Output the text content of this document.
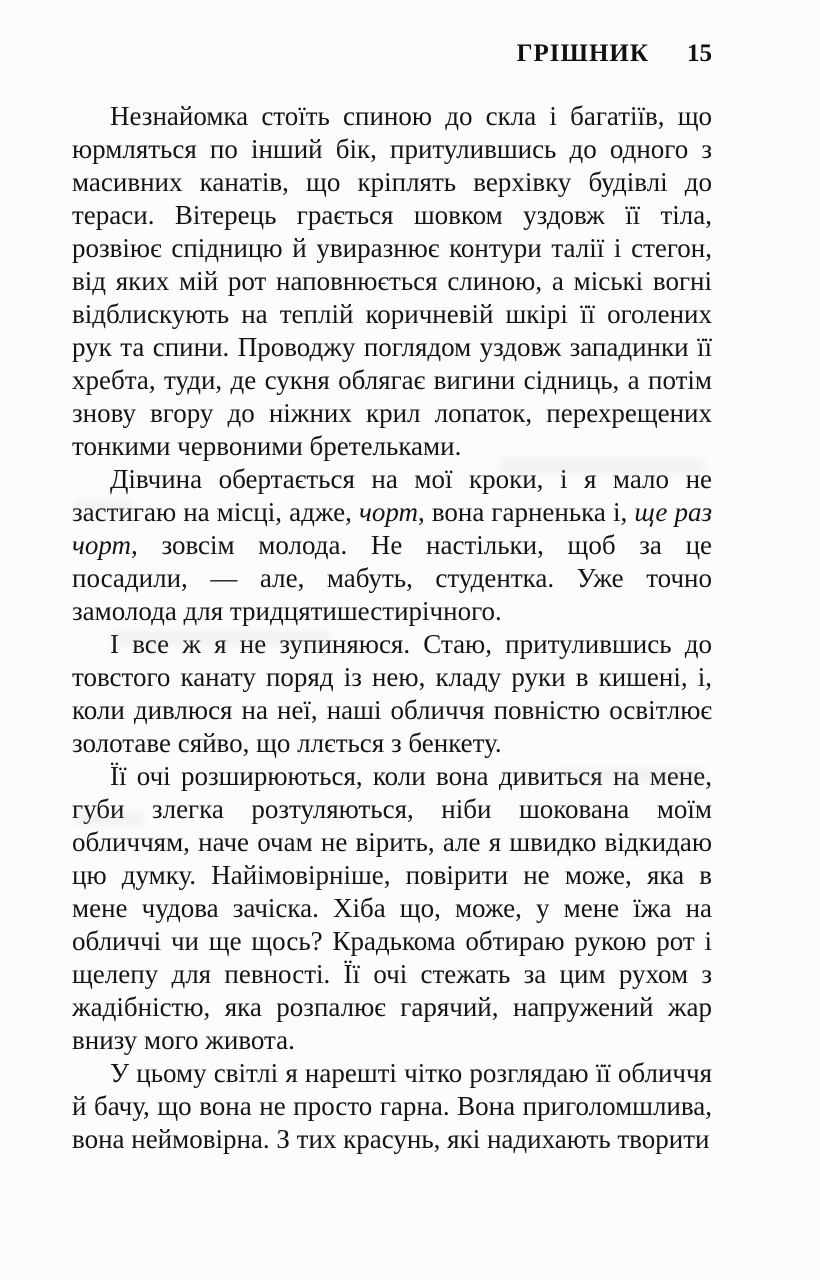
ГРІШНИК 15

Незнайомка стоїть спиною до скла і багатіїв, що юрмляться по інший бік, притулившись до одного з масивних канатів, що кріплять верхівку будівлі до тераси. Вітерець грається шовком уздовж її тіла, розвіює спідницю й увиразнює контури талії і стегон, від яких мій рот наповнюється слиною, а міські вогні відблискують на теплій коричневій шкірі її оголених рук та спини. Проводжу поглядом уздовж западинки її хребта, туди, де сукня облягає вигини сідниць, а потім знову вгору до ніжних крил лопаток, перехрещених тонкими червоними бретельками.

Дівчина обертається на мої кроки, і я мало не застигаю на місці, адже, чорт, вона гарненька і, ще раз чорт, зовсім молода. Не настільки, щоб за це посадили, — але, мабуть, студентка. Уже точно замолода для тридцятишестирічного.

І все ж я не зупиняюся. Стаю, притулившись до товстого канату поряд із нею, кладу руки в кишені, і, коли дивлюся на неї, наші обличчя повністю освітлює золотаве сяйво, що ллється з бенкету.

Її очі розширюються, коли вона дивиться на мене, губи злегка розтуляються, ніби шокована моїм обличчям, наче очам не вірить, але я швидко відкидаю цю думку. Найімовірніше, повірити не може, яка в мене чудова зачіска. Хіба що, може, у мене їжа на обличчі чи ще щось? Крадькома обтираю рукою рот і щелепу для певності. Її очі стежать за цим рухом з жадібністю, яка розпалює гарячий, напружений жар внизу мого живота.

У цьому світлі я нарешті чітко розглядаю її обличчя й бачу, що вона не просто гарна. Вона приголомшлива, вона неймовірна. З тих красунь, які надихають творити
